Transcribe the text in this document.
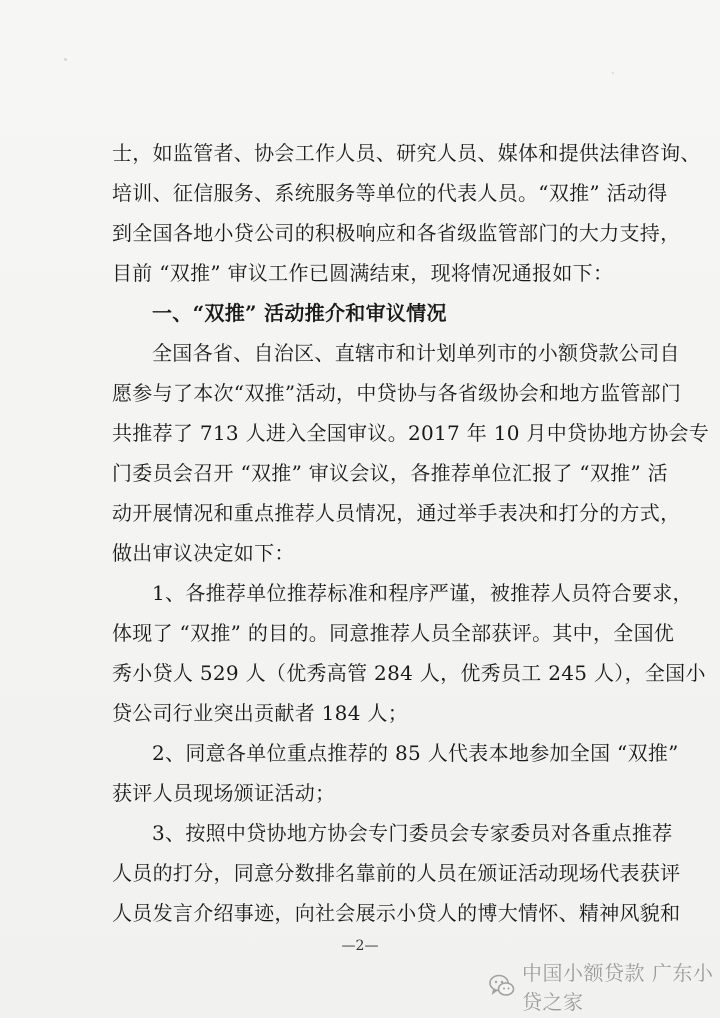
士，如监管者、协会工作人员、研究人员、媒体和提供法律咨询、
培训、征信服务、系统服务等单位的代表人员。“双推” 活动得
到全国各地小贷公司的积极响应和各省级监管部门的大力支持，
目前 “双推” 审议工作已圆满结束，现将情况通报如下：
一、“双推” 活动推介和审议情况
全国各省、自治区、直辖市和计划单列市的小额贷款公司自
愿参与了本次“双推”活动，中贷协与各省级协会和地方监管部门
共推荐了 713 人进入全国审议。2017 年 10 月中贷协地方协会专
门委员会召开 “双推” 审议会议，各推荐单位汇报了 “双推” 活
动开展情况和重点推荐人员情况，通过举手表决和打分的方式，
做出审议决定如下：
1、各推荐单位推荐标准和程序严谨，被推荐人员符合要求，
体现了 “双推” 的目的。同意推荐人员全部获评。其中，全国优
秀小贷人 529 人（优秀高管 284 人，优秀员工 245 人），全国小
贷公司行业突出贡献者 184 人；
2、同意各单位重点推荐的 85 人代表本地参加全国 “双推”
获评人员现场颁证活动；
3、按照中贷协地方协会专门委员会专家委员对各重点推荐
人员的打分，同意分数排名靠前的人员在颁证活动现场代表获评
人员发言介绍事迹，向社会展示小贷人的博大情怀、精神风貌和
—2—
中国小额贷款 广东小贷之家
